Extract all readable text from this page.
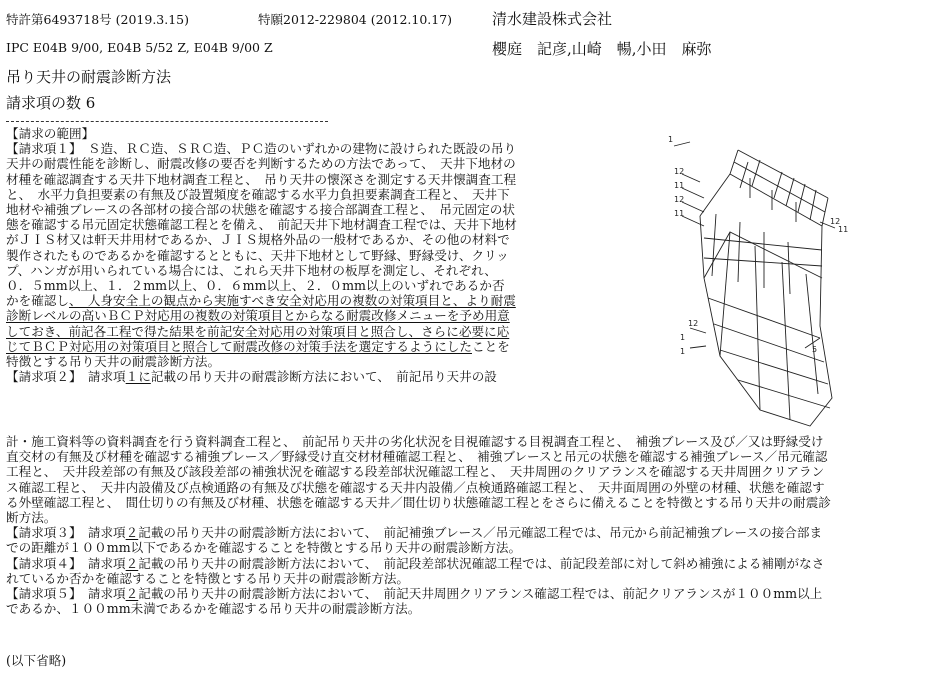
特許第6493718号 (2019.3.15)	特願2012-229804 (2012.10.17)	清水建設株式会社
IPC E04B 9/00, E04B 5/52 Z, E04B 9/00 Z	櫻庭　記彦,山崎　暢,小田　麻弥
吊り天井の耐震診断方法
請求項の数 6
【請求の範囲】
【請求項１】　Ｓ造、ＲＣ造、ＳＲＣ造、ＰＣ造のいずれかの建物に設けられた既設の吊り
天井の耐震性能を診断し、耐震改修の要否を判断するための方法であって、　天井下地材の
材種を確認調査する天井下地材調査工程と、　吊り天井の懐深さを測定する天井懐調査工程
と、　水平力負担要素の有無及び設置頻度を確認する水平力負担要素調査工程と、　天井下
地材や補強ブレースの各部材の接合部の状態を確認する接合部調査工程と、　吊元固定の状
態を確認する吊元固定状態確認工程とを備え、　前記天井下地材調査工程では、天井下地材
がＪＩＳ材又は軒天井用材であるか、ＪＩＳ規格外品の一般材であるか、その他の材料で
製作されたものであるかを確認するとともに、天井下地材として野縁、野縁受け、クリッ
プ、ハンガが用いられている場合には、これら天井下地材の板厚を測定し、それぞれ、
０．５mm以上、１．２mm以上、０．６mm以上、２．０mm以上のいずれであるか否
かを確認し、　人身安全上の観点から実施すべき安全対応用の複数の対策項目と、より耐震
診断レベルの高いＢＣＰ対応用の複数の対策項目とからなる耐震改修メニューを予め用意
しておき、前記各工程で得た結果を前記安全対応用の対策項目と照合し、さらに必要に応
じてＢＣＰ対応用の対策項目と照合して耐震改修の対策手法を選定するようにしたことを
特徴とする吊り天井の耐震診断方法。
【請求項２】　請求項１に記載の吊り天井の耐震診断方法において、　前記吊り天井の設
1
12
11
12
11
12
11
5
12
1
1
計・施工資料等の資料調査を行う資料調査工程と、　前記吊り天井の劣化状況を目視確認する目視調査工程と、　補強ブレース及び／又は野縁受け
直交材の有無及び材種を確認する補強ブレース／野縁受け直交材材種確認工程と、　補強ブレースと吊元の状態を確認する補強ブレース／吊元確認
工程と、　天井段差部の有無及び該段差部の補強状況を確認する段差部状況確認工程と、　天井周囲のクリアランスを確認する天井周囲クリアラン
ス確認工程と、　天井内設備及び点検通路の有無及び状態を確認する天井内設備／点検通路確認工程と、　天井面周囲の外壁の材種、状態を確認す
る外壁確認工程と、　間仕切りの有無及び材種、状態を確認する天井／間仕切り状態確認工程とをさらに備えることを特徴とする吊り天井の耐震診
断方法。
【請求項３】　請求項２記載の吊り天井の耐震診断方法において、　前記補強ブレース／吊元確認工程では、吊元から前記補強ブレースの接合部ま
での距離が１００mm以下であるかを確認することを特徴とする吊り天井の耐震診断方法。
【請求項４】　請求項２記載の吊り天井の耐震診断方法において、　前記段差部状況確認工程では、前記段差部に対して斜め補強による補剛がなさ
れているか否かを確認することを特徴とする吊り天井の耐震診断方法。
【請求項５】　請求項２記載の吊り天井の耐震診断方法において、　前記天井周囲クリアランス確認工程では、前記クリアランスが１００mm以上
であるか、１００mm未満であるかを確認する吊り天井の耐震診断方法。
(以下省略)
